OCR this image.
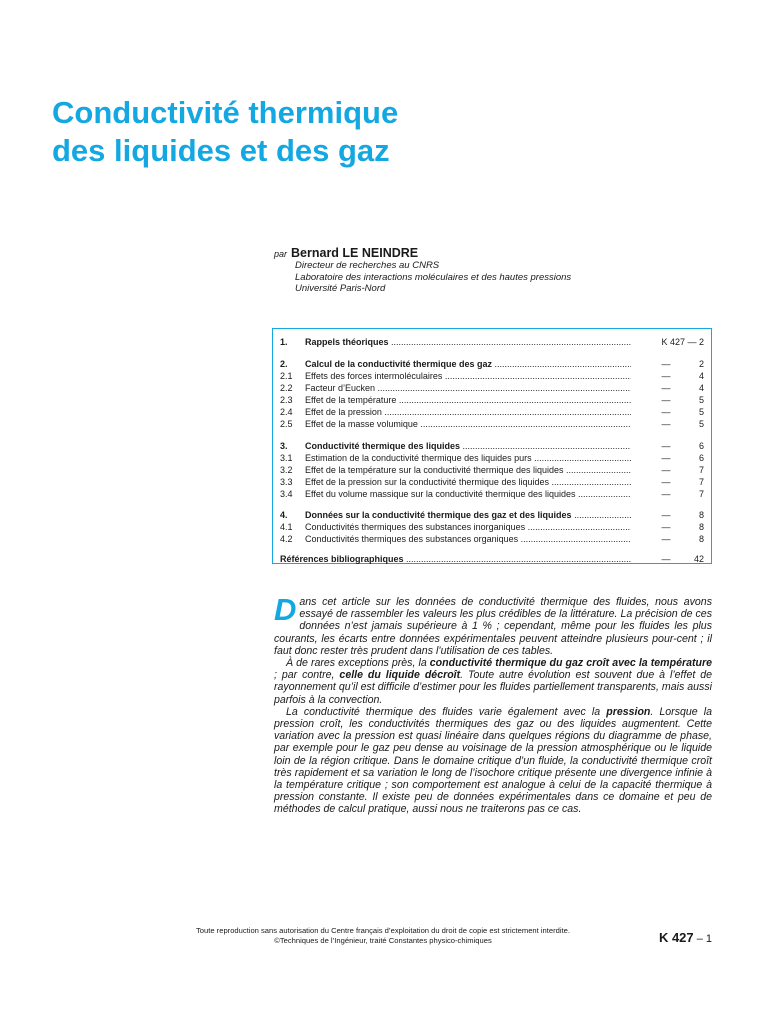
Conductivité thermique
des liquides et des gaz
par Bernard LE NEINDRE
Directeur de recherches au CNRS
Laboratoire des interactions moléculaires et des hautes pressions
Université Paris-Nord
1. Rappels théoriques .....	K 427 — 2
2. Calcul de la conductivité thermique des gaz .....	—	2
2.1 Effets des forces intermoléculaires .....	—	4
2.2 Facteur d’Eucken .....	—	4
2.3 Effet de la température .....	—	5
2.4 Effet de la pression .....	—	5
2.5 Effet de la masse volumique .....	—	5
3. Conductivité thermique des liquides .....	—	6
3.1 Estimation de la conductivité thermique des liquides purs .....	—	6
3.2 Effet de la température sur la conductivité thermique des liquides .....	—	7
3.3 Effet de la pression sur la conductivité thermique des liquides .....	—	7
3.4 Effet du volume massique sur la conductivité thermique des liquides .....	—	7
4. Données sur la conductivité thermique des gaz et des liquides .....	—	8
4.1 Conductivités thermiques des substances inorganiques .....	—	8
4.2 Conductivités thermiques des substances organiques .....	—	8
Références bibliographiques .....	—	42

Dans cet article sur les données de conductivité thermique des fluides, nous avons essayé de rassembler les valeurs les plus crédibles de la littérature. La précision de ces données n’est jamais supérieure à 1 % ; cependant, même pour les fluides les plus courants, les écarts entre données expérimentales peuvent atteindre plusieurs pour-cent ; il faut donc rester très prudent dans l’utilisation de ces tables.

À de rares exceptions près, la conductivité thermique du gaz croît avec la température ; par contre, celle du liquide décroît. Toute autre évolution est souvent due à l’effet de rayonnement qu’il est difficile d’estimer pour les fluides partiellement transparents, mais aussi parfois à la convection.

La conductivité thermique des fluides varie également avec la pression. Lorsque la pression croît, les conductivités thermiques des gaz ou des liquides augmentent. Cette variation avec la pression est quasi linéaire dans quelques régions du diagramme de phase, par exemple pour le gaz peu dense au voisinage de la pression atmosphérique ou le liquide loin de la région critique. Dans le domaine critique d’un fluide, la conductivité thermique croît très rapidement et sa variation le long de l’isochore critique présente une divergence infinie à la température critique ; son comportement est analogue à celui de la capacité thermique à pression constante. Il existe peu de données expérimentales dans ce domaine et peu de méthodes de calcul pratique, aussi nous ne traiterons pas ce cas.

Toute reproduction sans autorisation du Centre français d’exploitation du droit de copie est strictement interdite.
©Techniques de l’Ingénieur, traité Constantes physico-chimiques	K 427 – 1
